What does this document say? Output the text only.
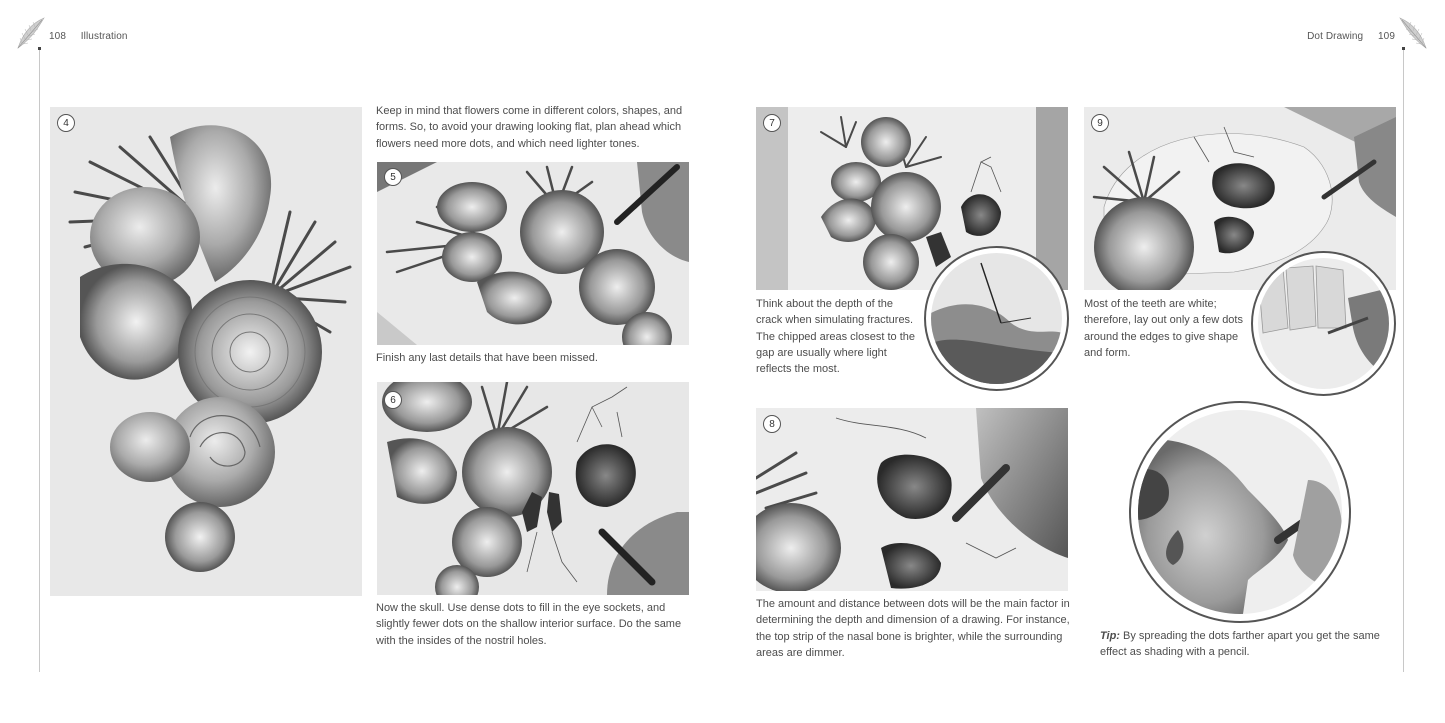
108 Illustration	Dot Drawing 109
4
Keep in mind that flowers come in different colors, shapes, and forms. So, to avoid your drawing looking flat, plan ahead which flowers need more dots, and which need lighter tones.
5
Finish any last details that have been missed.
6
Now the skull. Use dense dots to fill in the eye sockets, and slightly fewer dots on the shallow interior surface. Do the same with the insides of the nostril holes.
7
Think about the depth of the crack when simulating fractures. The chipped areas closest to the gap are usually where light reflects the most.
8
The amount and distance between dots will be the main factor in determining the depth and dimension of a drawing. For instance, the top strip of the nasal bone is brighter, while the surrounding areas are dimmer.
9
Most of the teeth are white; therefore, lay out only a few dots around the edges to give shape and form.
Tip: By spreading the dots farther apart you get the same effect as shading with a pencil.
